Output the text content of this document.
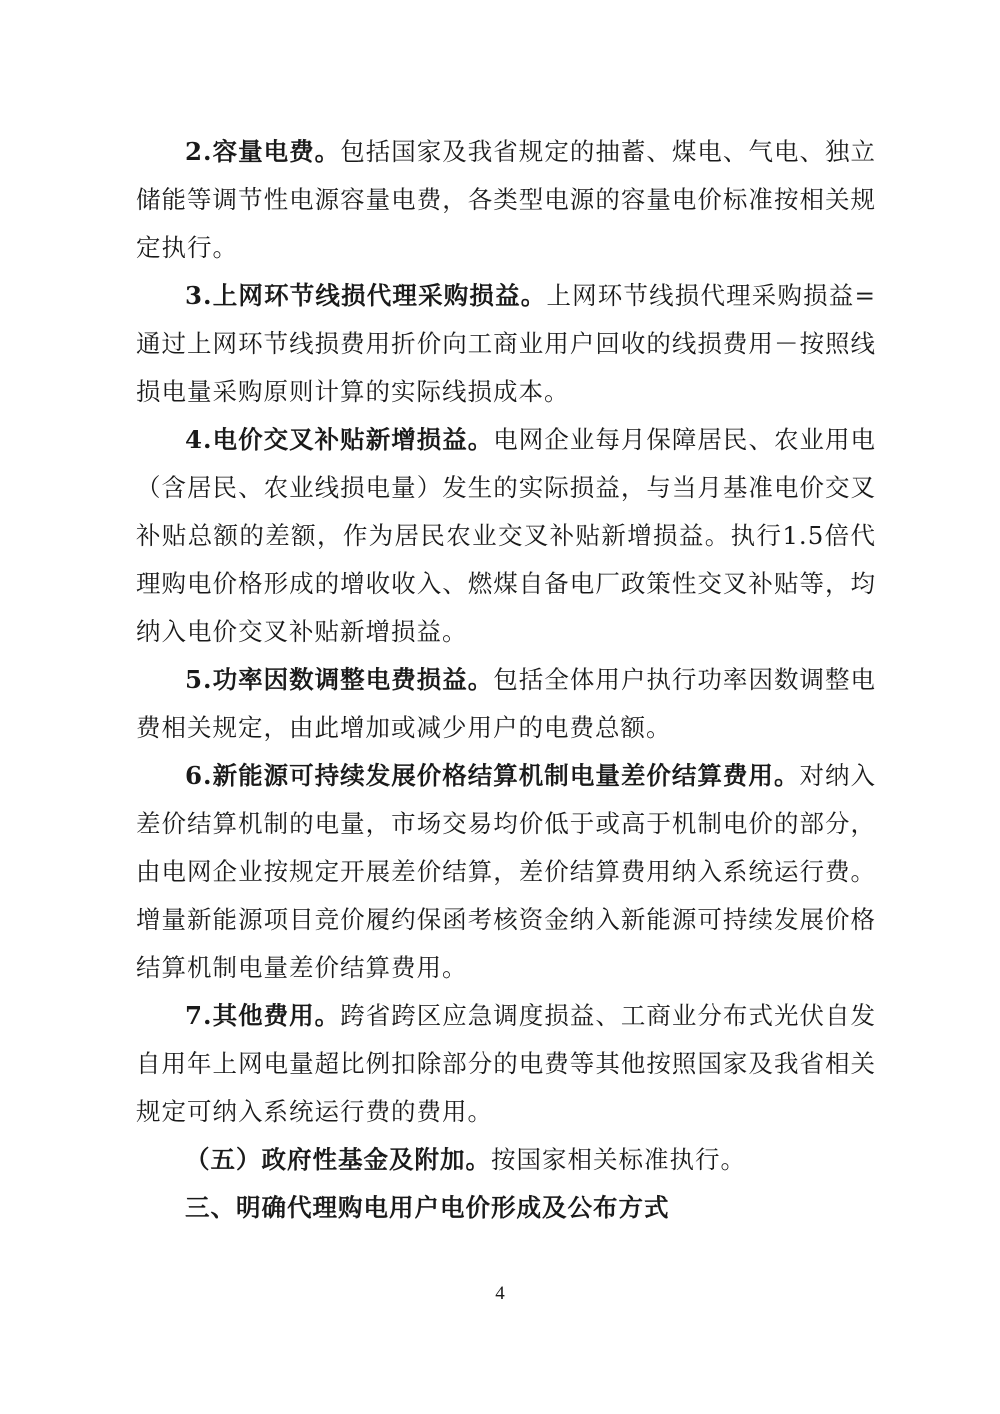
2.容量电费。包括国家及我省规定的抽蓄、煤电、气电、独立储能等调节性电源容量电费，各类型电源的容量电价标准按相关规定执行。

3.上网环节线损代理采购损益。上网环节线损代理采购损益=通过上网环节线损费用折价向工商业用户回收的线损费用－按照线损电量采购原则计算的实际线损成本。

4.电价交叉补贴新增损益。电网企业每月保障居民、农业用电（含居民、农业线损电量）发生的实际损益，与当月基准电价交叉补贴总额的差额，作为居民农业交叉补贴新增损益。执行1.5倍代理购电价格形成的增收收入、燃煤自备电厂政策性交叉补贴等，均纳入电价交叉补贴新增损益。

5.功率因数调整电费损益。包括全体用户执行功率因数调整电费相关规定，由此增加或减少用户的电费总额。

6.新能源可持续发展价格结算机制电量差价结算费用。对纳入差价结算机制的电量，市场交易均价低于或高于机制电价的部分，由电网企业按规定开展差价结算，差价结算费用纳入系统运行费。增量新能源项目竞价履约保函考核资金纳入新能源可持续发展价格结算机制电量差价结算费用。

7.其他费用。跨省跨区应急调度损益、工商业分布式光伏自发自用年上网电量超比例扣除部分的电费等其他按照国家及我省相关规定可纳入系统运行费的费用。

（五）政府性基金及附加。按国家相关标准执行。

三、明确代理购电用户电价形成及公布方式

4
